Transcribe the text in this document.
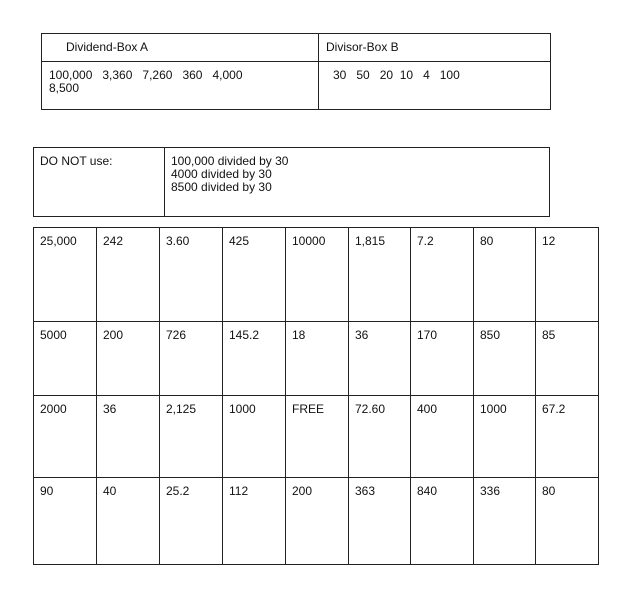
Dividend-Box A	Divisor-Box B

100,000   3,360   7,260   360   4,000
8,500	30   50   20  10   4   100
DO NOT use:	100,000 divided by 30
4000 divided by 30
8500 divided by 30
25,000	242	3.60	425	10000	1,815	7.2	80	12
5000	200	726	145.2	18	36	170	850	85
2000	36	2,125	1000	FREE	72.60	400	1000	67.2
90	40	25.2	112	200	363	840	336	80
